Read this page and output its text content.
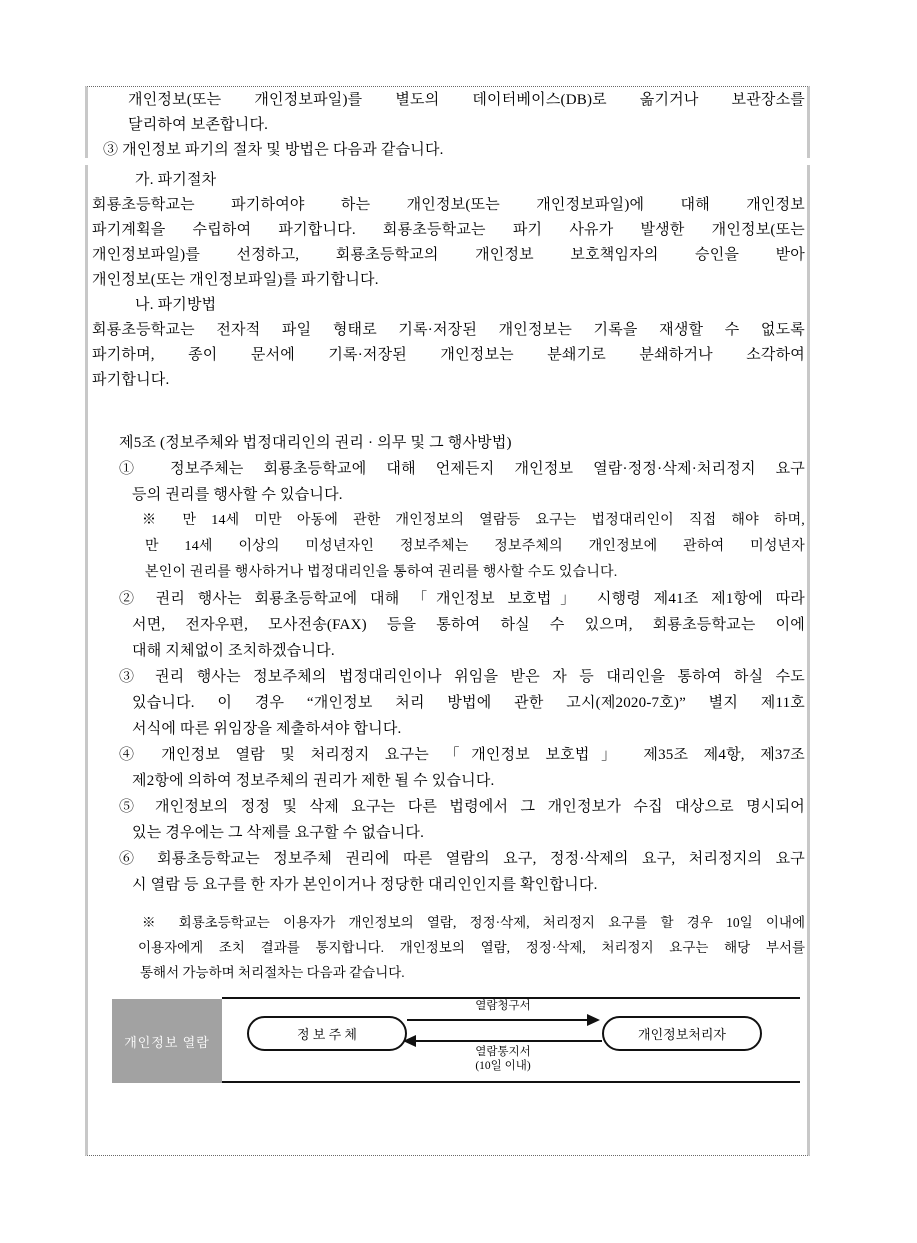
개인정보(또는 개인정보파일)를 별도의 데이터베이스(DB)로 옮기거나 보관장소를
달리하여 보존합니다.
③ 개인정보 파기의 절차 및 방법은 다음과 같습니다.
가. 파기절차
회룡초등학교는 파기하여야 하는 개인정보(또는 개인정보파일)에 대해 개인정보
파기계획을 수립하여 파기합니다. 회룡초등학교는 파기 사유가 발생한 개인정보(또는
개인정보파일)를 선정하고, 회룡초등학교의 개인정보 보호책임자의 승인을 받아
개인정보(또는 개인정보파일)를 파기합니다.
나. 파기방법
회룡초등학교는 전자적 파일 형태로 기록·저장된 개인정보는 기록을 재생할 수 없도록
파기하며, 종이 문서에 기록·저장된 개인정보는 분쇄기로 분쇄하거나 소각하여
파기합니다.
제5조 (정보주체와 법정대리인의 권리 · 의무 및 그 행사방법)
① 정보주체는 회룡초등학교에 대해 언제든지 개인정보 열람·정정·삭제·처리정지 요구
등의 권리를 행사할 수 있습니다.
※ 만 14세 미만 아동에 관한 개인정보의 열람등 요구는 법정대리인이 직접 해야 하며,
만 14세 이상의 미성년자인 정보주체는 정보주체의 개인정보에 관하여 미성년자
본인이 권리를 행사하거나 법정대리인을 통하여 권리를 행사할 수도 있습니다.
② 권리 행사는 회룡초등학교에 대해 「개인정보 보호법」 시행령 제41조 제1항에 따라
서면, 전자우편, 모사전송(FAX) 등을 통하여 하실 수 있으며, 회룡초등학교는 이에
대해 지체없이 조치하겠습니다.
③ 권리 행사는 정보주체의 법정대리인이나 위임을 받은 자 등 대리인을 통하여 하실 수도
있습니다. 이 경우 “개인정보 처리 방법에 관한 고시(제2020-7호)” 별지 제11호
서식에 따른 위임장을 제출하셔야 합니다.
④ 개인정보 열람 및 처리정지 요구는 「개인정보 보호법」 제35조 제4항, 제37조
제2항에 의하여 정보주체의 권리가 제한 될 수 있습니다.
⑤ 개인정보의 정정 및 삭제 요구는 다른 법령에서 그 개인정보가 수집 대상으로 명시되어
있는 경우에는 그 삭제를 요구할 수 없습니다.
⑥ 회룡초등학교는 정보주체 권리에 따른 열람의 요구, 정정·삭제의 요구, 처리정지의 요구
시 열람 등 요구를 한 자가 본인이거나 정당한 대리인인지를 확인합니다.
※ 회룡초등학교는 이용자가 개인정보의 열람, 정정·삭제, 처리정지 요구를 할 경우 10일 이내에
이용자에게 조치 결과를 통지합니다. 개인정보의 열람, 정정·삭제, 처리정지 요구는 해당 부서를
통해서 가능하며 처리절차는 다음과 같습니다.
개인정보 열람	정 보 주 체	개인정보처리자
열람청구서
열람통지서
(10일 이내)
